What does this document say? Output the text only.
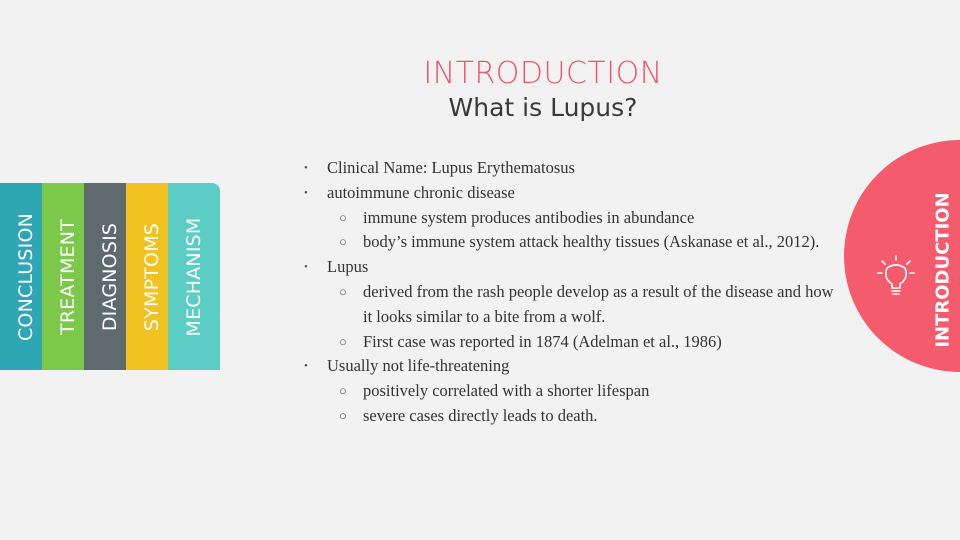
INTRODUCTION
What is Lupus?
CONCLUSION TREATMENT DIAGNOSIS SYMPTOMS MECHANISM
• Clinical Name: Lupus Erythematosus
• autoimmune chronic disease
○ immune system produces antibodies in abundance
○ body’s immune system attack healthy tissues (Askanase et al., 2012).
• Lupus
○ derived from the rash people develop as a result of the disease and how it looks similar to a bite from a wolf.
○ First case was reported in 1874 (Adelman et al., 1986)
• Usually not life-threatening
○ positively correlated with a shorter lifespan
○ severe cases directly leads to death.
INTRODUCTION
